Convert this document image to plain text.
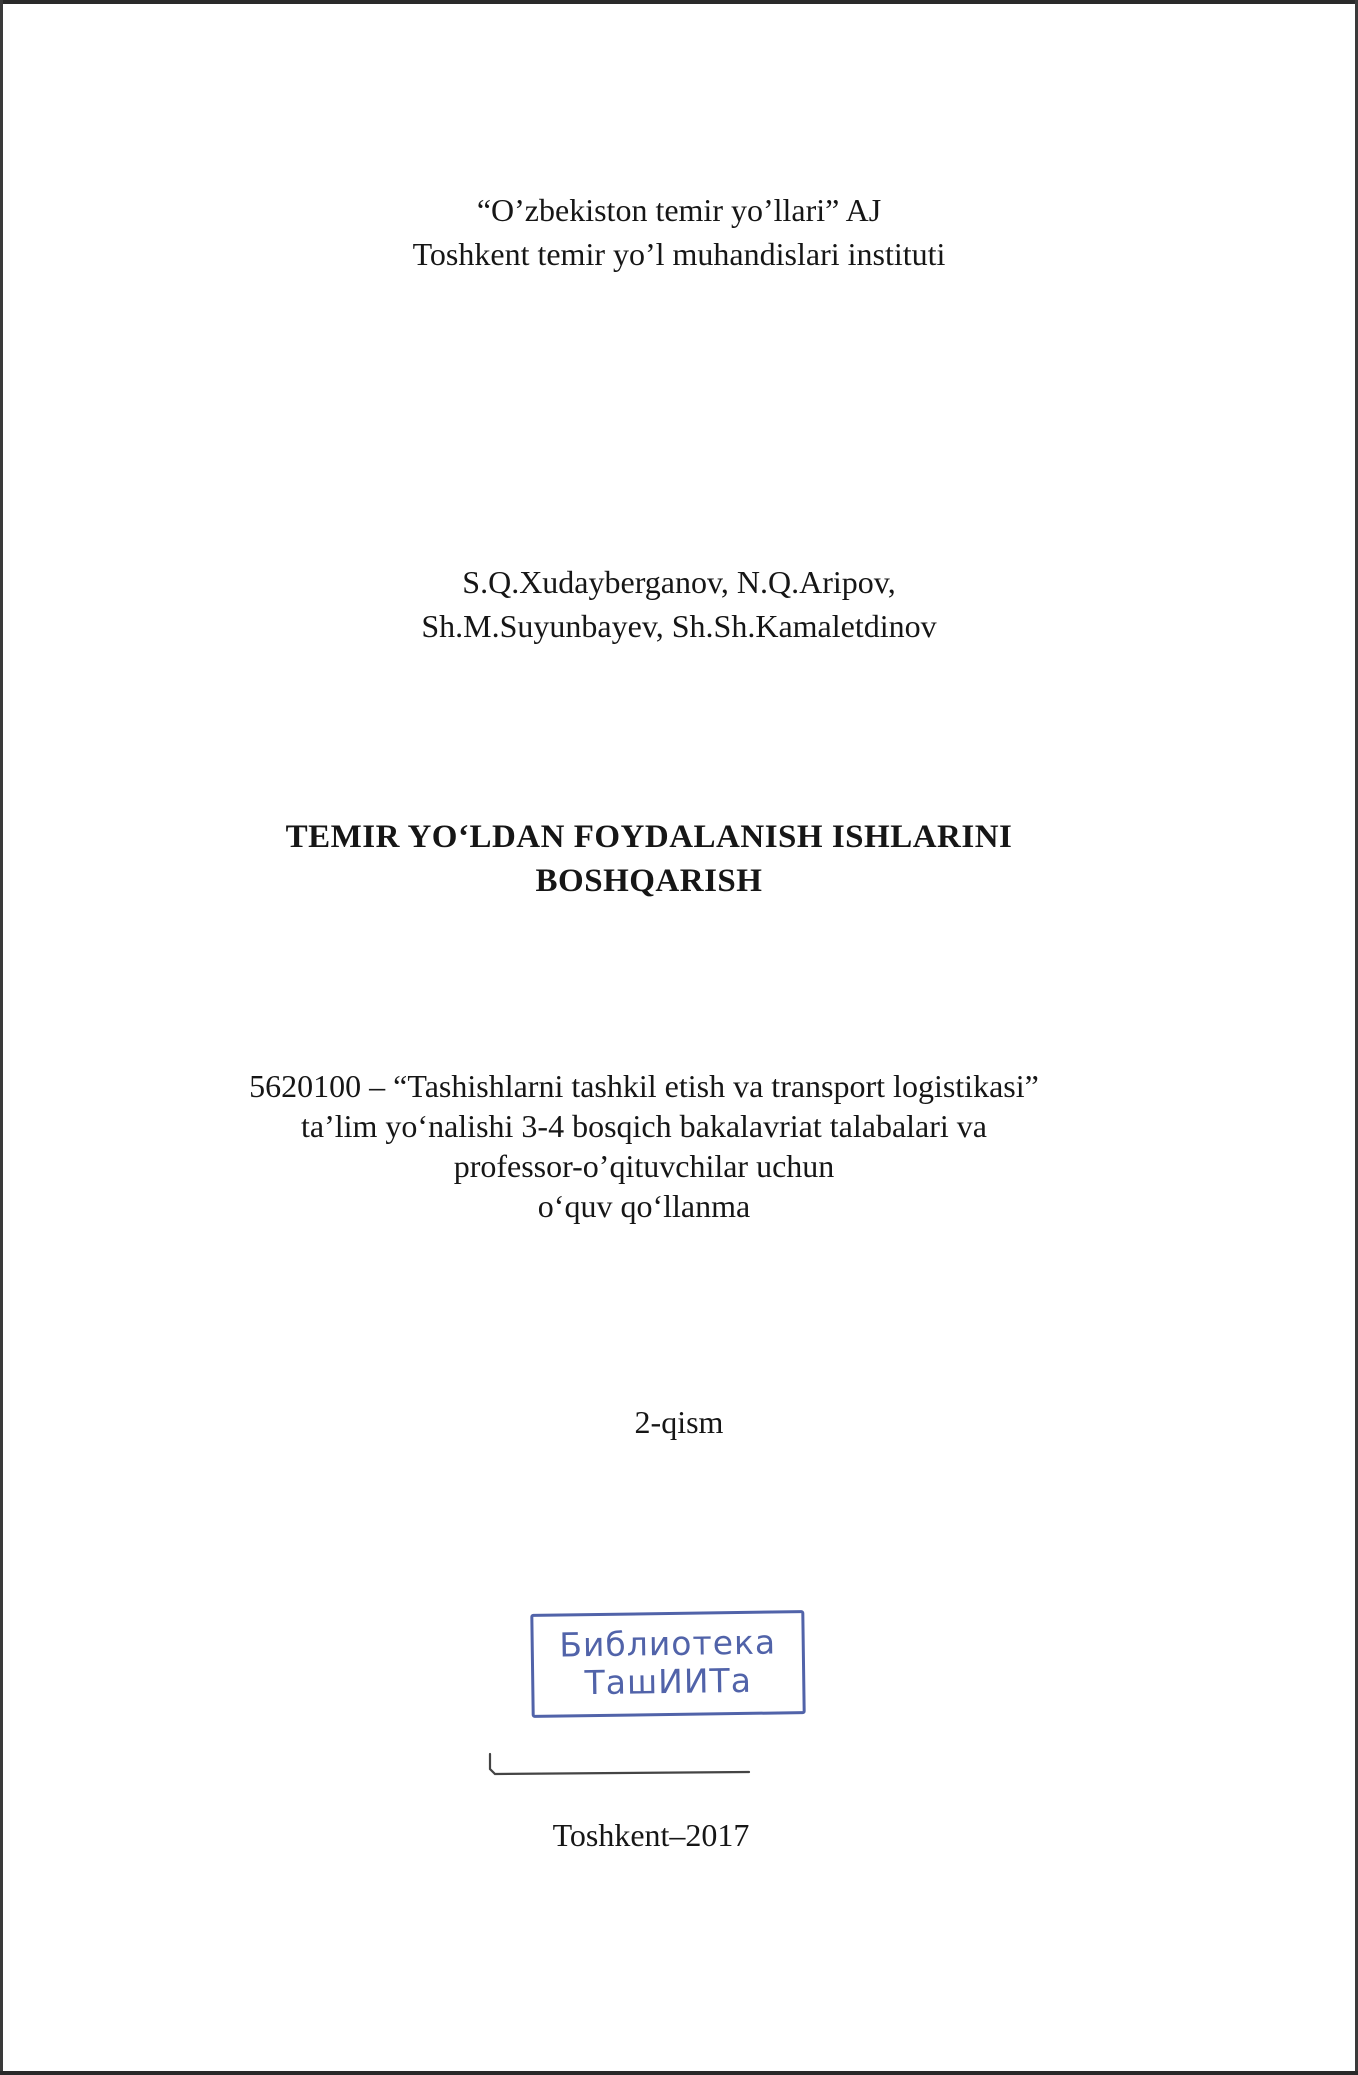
“O’zbekiston temir yo’llari” AJ
Toshkent temir yo’l muhandislari instituti
S.Q.Xudayberganov, N.Q.Aripov,
Sh.M.Suyunbayev, Sh.Sh.Kamaletdinov
TEMIR YO‘LDAN FOYDALANISH ISHLARINI
BOSHQARISH
5620100 – “Tashishlarni tashkil etish va transport logistikasi”
ta’lim yo‘nalishi 3-4 bosqich bakalavriat talabalari va
professor-o’qituvchilar uchun
o‘quv qo‘llanma
2-qism
Библиотека
ТашИИТа
Toshkent–2017
